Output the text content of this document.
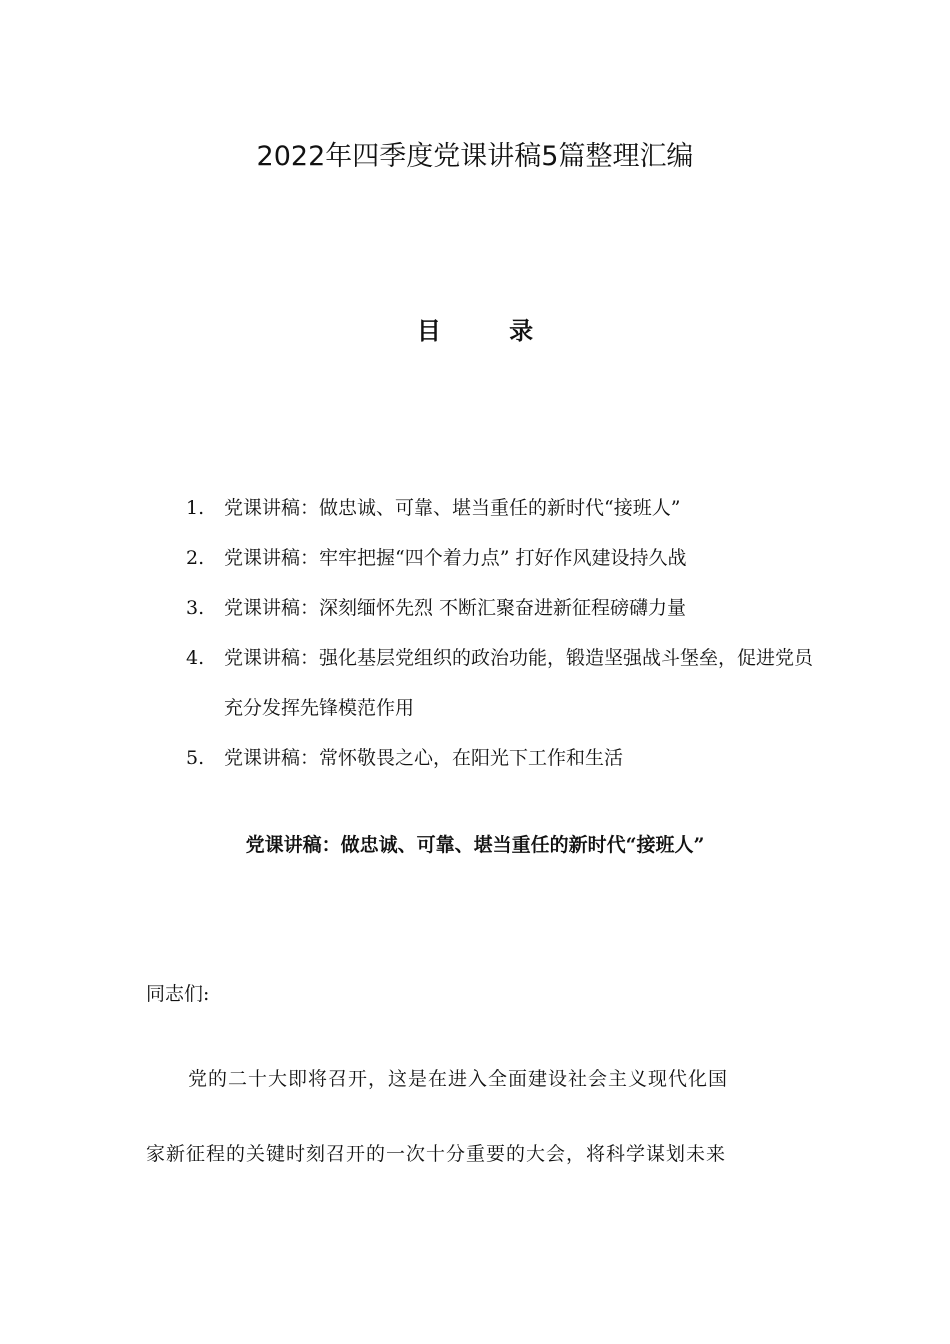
2022年四季度党课讲稿5篇整理汇编
目 录
1. 党课讲稿：做忠诚、可靠、堪当重任的新时代“接班人”
2. 党课讲稿：牢牢把握“四个着力点” 打好作风建设持久战
3. 党课讲稿：深刻缅怀先烈 不断汇聚奋进新征程磅礴力量
4. 党课讲稿：强化基层党组织的政治功能，锻造坚强战斗堡垒，促进党员充分发挥先锋模范作用
5. 党课讲稿：常怀敬畏之心，在阳光下工作和生活
党课讲稿：做忠诚、可靠、堪当重任的新时代“接班人”
同志们:
党的二十大即将召开，这是在进入全面建设社会主义现代化国
家新征程的关键时刻召开的一次十分重要的大会，将科学谋划未来
